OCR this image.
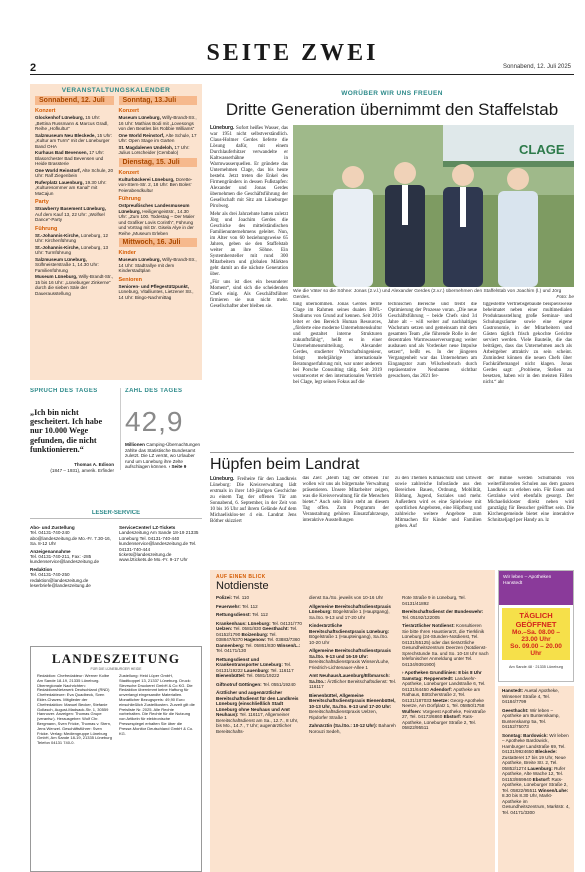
2
SEITE ZWEI
Sonnabend, 12. Juli 2025
VERANSTALTUNGSKALENDER
Sonnabend, 12. Juli
Konzert
Glockenhof Lüneburg, 15 Uhr: „Bettina Russmann & Marcus Gradl, Reihe „Hofkultur“
Salzmuseum Neu Bleckede, 15 Uhr: „Kultur am Turm“ mit der Lüneburger Band OHA
Kurhaus Bad Bevensen, 17 Uhr: Blasorchester Bad Bevensen und Heide Brassterie
One World Reinstorf, Alte Schule, 20 Uhr: Ralf Ziegenbein
Ruferplatz Lauenburg, 19.30 Uhr: „Kulturesommer am Kanal“ mit MaCajun
Party
Strawberry Basement Lüneburg, Auf dem Kauf 13, 22 Uhr: „Wolfsel Dance“-Party
Führung
St.-Johannis-Kirche, Lüneburg, 12 Uhr: Kirchenführung
St.-Johannis-Kirche, Lüneburg, 13 Uhr: Turmführung
Salzmuseum Lüneburg, Sülfmeisterstraße 1, 14.30 Uhr: Familienführung
Museum Lüneburg, Willy-Brandt-Str., 15 bis 16 Uhr: „Lüneburger Zinkerne“ durch die sieben Säle der Dauerausstellung
Sonntag, 13.Juli
Konzert
Museum Lüneburg, Willy-Brandt-Str., 16 Uhr: Mathias Bodi mit „Lovesongs von den Beatles bis Robbie Williams“
One World Reinstorf, Alte Schule, 17 Uhr: Open Stage im Garten
St. Magdalenen Undeloh, 17 Uhr: Julius Lorscheider (Cembalo)
Dienstag, 15. Juli
Konzert
Kulturbäckerei Lüneburg, Dorette-von-Stern-Str. 2, 18 Uhr: Ben Boles’ Feierabendkultur
Führung
Ostpreußisches Landesmuseum Lüneburg, Heiligengeiststr., 14.30 Uhr: „Zum 100. Todestag – Der Maler und Grafiker Lovis Corinth“, Führung und Vortrag mit Dr. Gisela Alye in der Reihe „Museum Erleben
Mittwoch, 16. Juli
Kinder
Museum Lüneburg, Willy-Brandt-Str., 14 Uhr: Stadtrallye mit dem Kinderstadtplan
Senioren
Senioren- und Pflegestützpunkt, Lüneburg, Vitalliuntes, Lietzener Str., 14 Uhr: Bingo-Nachmittag
SPRUCH DES TAGES
„Ich bin nicht gescheitert. Ich habe nur 10.000 Wege gefunden, die nicht funktionieren.“
Thomas A. Edison
(1847 – 1931), amerik. Erfinder
ZAHL DES TAGES
42,9
Millionen Camping-Übernachtungen zählte das Statistische Bundesamt zuletzt. Die LZ verrät, wo Urlauber rund um Lüneburg ihre Zelte aufschlagen können. › Seite 9
LESER-SERVICE
Abo- und Zustellung
Tel. 04131-740-240 abo@landeszeitung.de Mo.-Fr. 7.30-16, Sa. 8-12 Uhr
Anzeigenannahme
Tel. 04131-740-211, Fax: -285 kundenservice@landeszeitung.de
Redaktion
Tel. 04131-740-250 redaktion@landeszeitung.de leserbriefe@landeszeitung.de
ServiceCenter/ LZ-Tickets
Landeszeitung Am Sande 18-19 21335 Lüneburg Tel. 04131-740-440 kundenservice@landeszeitung.de Tel. 04131-740-444 tickets@landeszeitung.de www.lztickets.de Mo.-Fr. 9-17 Uhr
LANDESZEITUNG
FÜR DIE LÜNEBURGER HEIDE
Redaktion: Chefredakteur: Werner Kolbe Am Sande 18-19, 21335 Lüneburg. Überregionale Nachrichten: RedaktionsNetzwerk Deutschland (RND) Chefredakteure: Eva Quadbeck, Sven Ekler-Chaves. Mitglieder der Chefredaktion: Manuel Becker, Stefanie Gollasch, August-Madsack-Str. 1, 30559 Hannover. Anzeigen: Thomas Grupe (verantw.). Herausgeber: Wolf Chr. Bergmann, Sven Fricke, Thomas v. Stern, Jens Wenzel. Geschäftsführer: Sven Fricke. Verlag: Mediengruppe Lüneburg GmbH, Am Sande 18-19, 21335 Lüneburg Telefon 04131 740-0.
Zustellung: Heid Lüper GmbH, Stadtkoppel 13, 21337 Lüneburg. Druck: Sievrsche Druckerei GmbH & Co KG. Die Redaktion übernimmt keine Haftung für unverlangt eingesandte Materialien. Monatlicher Bezugspreis: 49,90 Euro einschließlich Zustellkosten. Zurzeit gilt die Preisliste Nr. 2025. Alle Rechte vorbehalten. Die Rechte für die Nutzung von Artikeln für elektronische Pressespiegel erhalten Sie über die Presse-Monitor Deutschland GmbH & Co. KG.
WORÜBER WIR UNS FREUEN
Dritte Generation übernimmt den Staffelstab

Lüneburg. Sofort heißes Wasser, das war 1951 nicht selbstverständlich. Claus-Holmer Gerdes lieferte die Lösung dafür, mit einem Durchlauferhitzer verwandelte er Kaltwasserhähne in Warmwasserquellen. Er gründete das Unternehmen Clage, das bis heute besteht. Jetzt treten die Enkel des Firmengründers in dessen Fußstapfen: Alexander und Jonas Gerdes übernehmen die Geschäftsführung der Gesellschaft mit Sitz am Lüneburger Pirolweg.

Mehr als drei Jahrzehnte hatten zuletzt Jörg und Joachim Gerdes die Geschicke des mittelständischen Familienunternehmens geleitet. Nun, im Alter von 60 beziehungsweise 65 Jahren, geben sie den Staffelstab weiter an ihre Söhne. Ein Systemhersteller mit rund 300 Mitarbeitern und globalen Märkten geht damit an die nächste Generation über.

„Für uns ist dies ein besonderer Moment“, sind sich die scheidenden Chefs einig. Als Geschäftsführer firmieren sie nun nicht mehr. Gesellschafter aber bleiben sie.

CLAGE
Wie die Väter so die Söhne: Jonas (2.v.l.) und Alexander Gerdes (2.v.r.) übernehmen den Staffelstab von Joachim (l.) und Jörg Gerdes.	Foto: be
tung übernommen. Jonas Gerdes lernte Clage im Rahmen seines dualen BWL-Studiums von Grund auf kennen. Seit 2016 leitet er den Bereich Human Resources, „förderte eine moderne Unternehmenskultur und gestaltet interne Strukturen zukunftsfähig“, heißt es in einer Unternehmensmitteilung. Alexander Gerdes, studierter Wirtschaftsingenieur, bringt mehrjährige internationale Beratungserfahrung mit, war unter anderem bei Porsche Consulting tätig. Seit 2019 verantwortet er den internationalen Vertrieb bei Clage, legt seinen Fokus auf die
technischen Bereiche und treibt die Optimierung der Prozesse voran. „Die neue Geschäftsführung – beide Chefs sind 34 Jahre alt – will weiter auf nachhaltiges Wachstum setzen und gemeinsam mit dem gesamten Team „die führende Rolle in der dezentralen Warmwasserversorgung weiter ausbauen und als Vordenker neue Impulse setzen“, heißt es. In der jüngeren Vergangenheit war das Unternehmen am Eingangstor zum Wilschenbruch durch repräsentative Neubauten sichtbar gewachsen, das 2021 fer-
tiggestellte Vertriebsgebäude beispielsweise beheimatet neben einer multimedialen Produktausstellung große Seminar- und Schulungsräume sowie eine eigene Gastronomie, in der Mitarbeitern und Gästen täglich frisch gekochte Gerichte serviert werden. Viele Bauteile, die das beiträgen, dass das Unternehmen auch als Arbeitgeber attraktiv zu sein scheint. Zumindest können die neuen Chefs über Fachkräftemangel nicht klagen. Jonas Gerdes sagt: „Probleme, Stellen zu besetzen, haben wir in den meisten Fällen nicht.“ ahr
Hüpfen beim Landrat

Lüneburg. Freiheire für den Landkreis Lüneburg: Die Kreisverwaltung lädt erstmals in ihrer 140-jährigen Geschichte zu einem Tag der offenen Tür am Sonnabend, 6. September, in der Zeit von 10 bis 16 Uhr auf ihrem Gelände Auf dem Michaelisklos-ter 4 ein. Landrat Jens Böther skizziert

das Ziel: „Beim Tag der offenen Tür wollen wir uns als bürgernahe Verwaltung präsentieren. Unsere Mitarbeiter zeigen, was die Kreisverwaltung für die Menschen bietet.“ Auch sein Büro steht an diesem Tag offen. Zum Programm der Veranstaltung gehören Einsatzfahrzeuge, interaktive Ausstellungen
zu den Themen Klimaschutz und Umwelt sowie zahlreiche Infostände aus den Bereichen Bauen, Ordnung, Mobilität, Bildung, Jugend, Soziales und mehr. Außerdem wird es eine Spielwiese mit sportlichen Angeboten, eine Hüpfburg und zahlreiche weitere Angebote zum Mitmachen für Kinder und Familien geben. Auf
der Bühne werden Schulbands von weiterführenden Schulen aus dem ganzen Landkreis zu erleben sein. Für Essen und Getränke wird ebenfalls gesorgt. Der Michaeliskloster direkt neben wird ganztägig für Besucher geöffnet sein. Die Kirchengemeinde bietet eine interaktive Schnitzeljagd per Handy an. lz
AUF EINEN BLICK
Notdienste

Polizei: Tel. 110

Feuerwehr: Tel. 112

Rettungsdienst: Tel. 112

Krankenhaus: Lüneburg: Tel. 04131/770 Uelzen: Tel. 0581/830 Geesthacht: Tel. 04152/1790 Boizenburg: Tel. 038847/6370 Hagenow: Tel. 03883/7360 Dannenberg: Tel. 05861/830 Winsen/L.: Tel. 04171/130

Rettungsdienst und Krankentransporter Lüneburg: Tel. 04131/19222 Lauenburg: Tel. 116117 Bienenbüttel: Tel. 0581/19222

Giftnotruf Göttingen: Tel. 0551/19240

Ärztlicher und augenärztlicher Bereitschaftsdienst für den Landkreis Lüneburg (einschließlich Stadt Lüneburg ohne Neuhaus und Amt Neuhaus): Tel. 116117, Allgemeiner Bereitschaftsdienst am Sa., 12.7., 8 Uhr, bis Mo., 14.7., 7 Uhr; augenärztlicher Bereitschafts-

dienst Sa./So. jeweils von 10-16 Uhr

Allgemeine Bereitschaftsdienstpraxis Lüneburg: Bögelstraße 1 (Hauptgang), Sa./So. 9-13 und 17-20 Uhr

Kinderärztliche Bereitschaftsdienstpraxis Lüneburg: Bögelstraße 1 (Haupteingang), Sa./So. 10-20 Uhr

Allgemeine Bereitschaftsdienstpraxis Sa./So. 9-13 und 16-19 Uhr: Bereitschaftsdienstpraxis Winsen/Luhe, Friedrich-Lichtenauer-Allee 1

Amt Neuhaus/Lauenburg/Elbmarsch: Sa./So.: Ärztlicher Bereitschaftsdienst: Tel. 116117

Bienenbüttel, Allgemeine Bereitschaftsdienstpraxis Bienenbüttel, 10-13 Uhr, Sa./So. 9-13 und 17-20 Uhr: Bereitschaftsdienstpraxis Uelzen, Ripdorfer Straße 1

Zahnärztin (Sa./So.: 10-12 Uhr): Bahareh Norouzi Sedeh,

Rote Straße 9 in Lüneburg, Tel. 04131/41892

Bereitschaftsdienst der Bundeswehr: Tel. 05192/122005

Tierärztlicher Notdienst: Konsultieren Sie bitte Ihren Haustierarzt, die Tierklinik Lüneburg (24-Stunden-Notdienst, Tel. 04131/55125) oder das tierärztliche Gesundheitszentrum Deerzen (Notdienst-Sprechstunde Sa. und So. 10-18 Uhr nach telefonischer Anmeldung unter Tel. 04134/9391900)

› Apotheken Grundlinien: 8 bis 8 Uhr Samstag: Reppenstedt: Landwehr-Apotheke, Lüneburger Landstraße 6, Tel. 04131/64450 Adendorf: Apotheke am Rathaus, Böttcherstraße 2, Tel. 04131/187033 Neetze: Georg-Apotheke Neetze, Am Dorfplatz 1, Tel. 05850/1758 Wulfsen: Vorgeest Apotheke, Feinstraße 27, Tel. 04173/6860 Ebstorf: Rats-Apotheke, Lüneburger Straße 2, Tel. 05822/95511

Wir leben – Apotheken Hanstedt
TÄGLICH GEÖFFNET
Mo.–Sa. 08.00 – 23.00 Uhr
So. 09.00 – 20.00 Uhr
Am Sande 48 · 21335 Lüneburg

Hanstedt: Auetal Apotheke, Winsener Straße 4, Tel. 04184/7799

Geesthacht: Wir leben – Apotheke am Buntenskamp, Buntenskamp 5a, Tel. 04152/75073

Sonntag: Bardowick: Wir leben – Apotheke Bardowick, Hamburger Landstraße 69, Tel. 04131/9924650 Bleckede: Zustatteret 17 bis 19 Uhr, Neue Apotheke, Breite Str. 2, Tel. 05852/1274 Lauenburg: Rufer Apotheke, Alte Wache 12, Tel. 04153/869940 Ebstorf: Rats-Apotheke, Lüneburger Straße 2, Tel. 05822/95511 Winsen/Luhe: 8.30 bis 8.30 Uhr, Markt-Apotheke im Gesundheitszentrum, Marktstr. 4, Tel. 04171/3300
